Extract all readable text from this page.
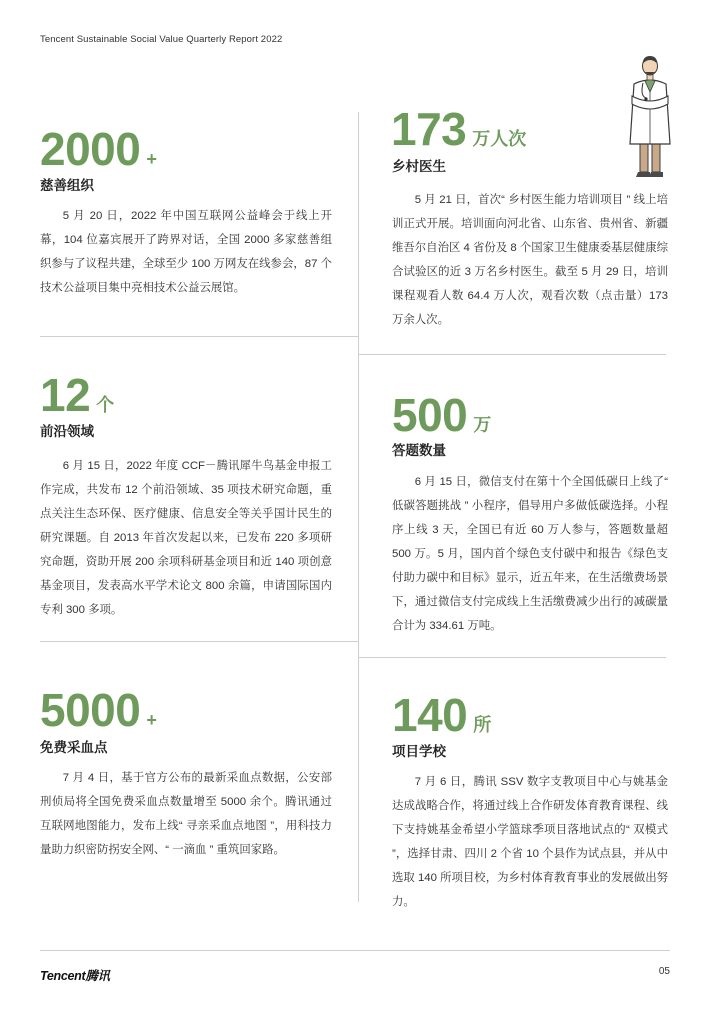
Tencent Sustainable Social Value Quarterly Report 2022
2000 +
慈善组织
5 月 20 日，2022 年中国互联网公益峰会于线上开幕，104 位嘉宾展开了跨界对话，全国 2000 多家慈善组织参与了议程共建，全球至少 100 万网友在线参会，87 个技术公益项目集中亮相技术公益云展馆。
173 万人次
乡村医生
5 月 21 日，首次“ 乡村医生能力培训项目 ” 线上培训正式开展。培训面向河北省、山东省、贵州省、新疆维吾尔自治区 4 省份及 8 个国家卫生健康委基层健康综合试验区的近 3 万名乡村医生。截至 5 月 29 日，培训课程观看人数 64.4 万人次，观看次数（点击量）173 万余人次。
12 个
前沿领域
6 月 15 日，2022 年度 CCF－腾讯犀牛鸟基金申报工作完成，共发布 12 个前沿领域、35 项技术研究命题，重点关注生态环保、医疗健康、信息安全等关乎国计民生的研究课题。自 2013 年首次发起以来，已发布 220 多项研究命题，资助开展 200 余项科研基金项目和近 140 项创意基金项目，发表高水平学术论文 800 余篇，申请国际国内专利 300 多项。
500 万
答题数量
6 月 15 日，微信支付在第十个全国低碳日上线了“ 低碳答题挑战 ” 小程序，倡导用户多做低碳选择。小程序上线 3 天，全国已有近 60 万人参与，答题数量超 500 万。5 月，国内首个绿色支付碳中和报告《绿色支付助力碳中和目标》显示，近五年来，在生活缴费场景下，通过微信支付完成线上生活缴费减少出行的减碳量合计为 334.61 万吨。
5000 +
免费采血点
7 月 4 日，基于官方公布的最新采血点数据，公安部刑侦局将全国免费采血点数量增至 5000 余个。腾讯通过互联网地图能力，发布上线“ 寻亲采血点地图 ”，用科技力量助力织密防拐安全网、“ 一滴血 ” 重筑回家路。
140 所
项目学校
7 月 6 日，腾讯 SSV 数字支教项目中心与姚基金达成战略合作，将通过线上合作研发体育教育课程、线下支持姚基金希望小学篮球季项目落地试点的“ 双模式 ”，选择甘肃、四川 2 个省 10 个县作为试点县，并从中选取 140 所项目校，为乡村体育教育事业的发展做出努力。
Tencent腾讯	05
